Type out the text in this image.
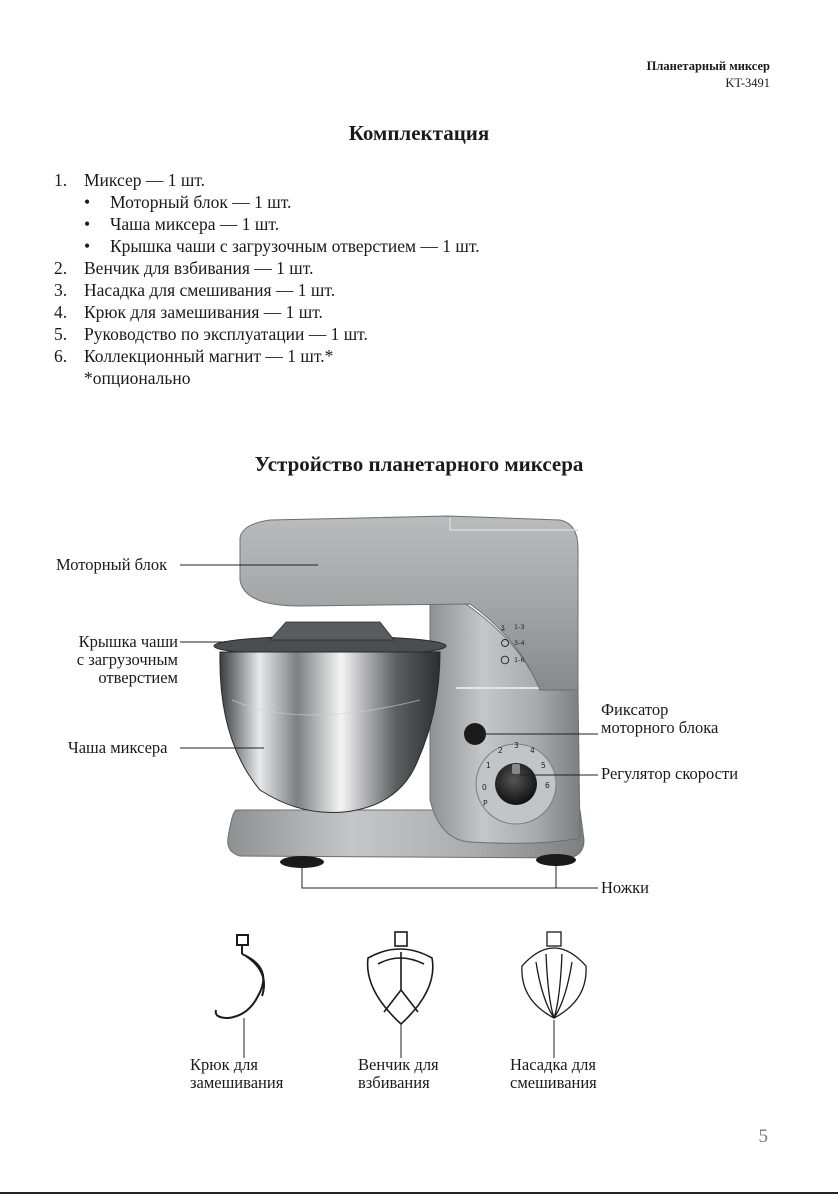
Планетарный миксер
KT-3491
Комплектация
1. Миксер — 1 шт.
• Моторный блок — 1 шт.
• Чаша миксера — 1 шт.
• Крышка чаши с загрузочным отверстием — 1 шт.
2. Венчик для взбивания — 1 шт.
3. Насадка для смешивания — 1 шт.
4. Крюк для замешивания — 1 шт.
5. Руководство по эксплуатации — 1 шт.
6. Коллекционный магнит — 1 шт.*
*опционально
Устройство планетарного миксера
ʓ 1-3
3-4
1-6
0
1
2
3
4
5
6
P
Моторный блок
Крышка чаши
с загрузочным
отверстием
Чаша миксера
Фиксатор
моторного блока
Регулятор скорости
Ножки
Крюк для
замешивания
Венчик для
взбивания
Насадка для
смешивания
5
